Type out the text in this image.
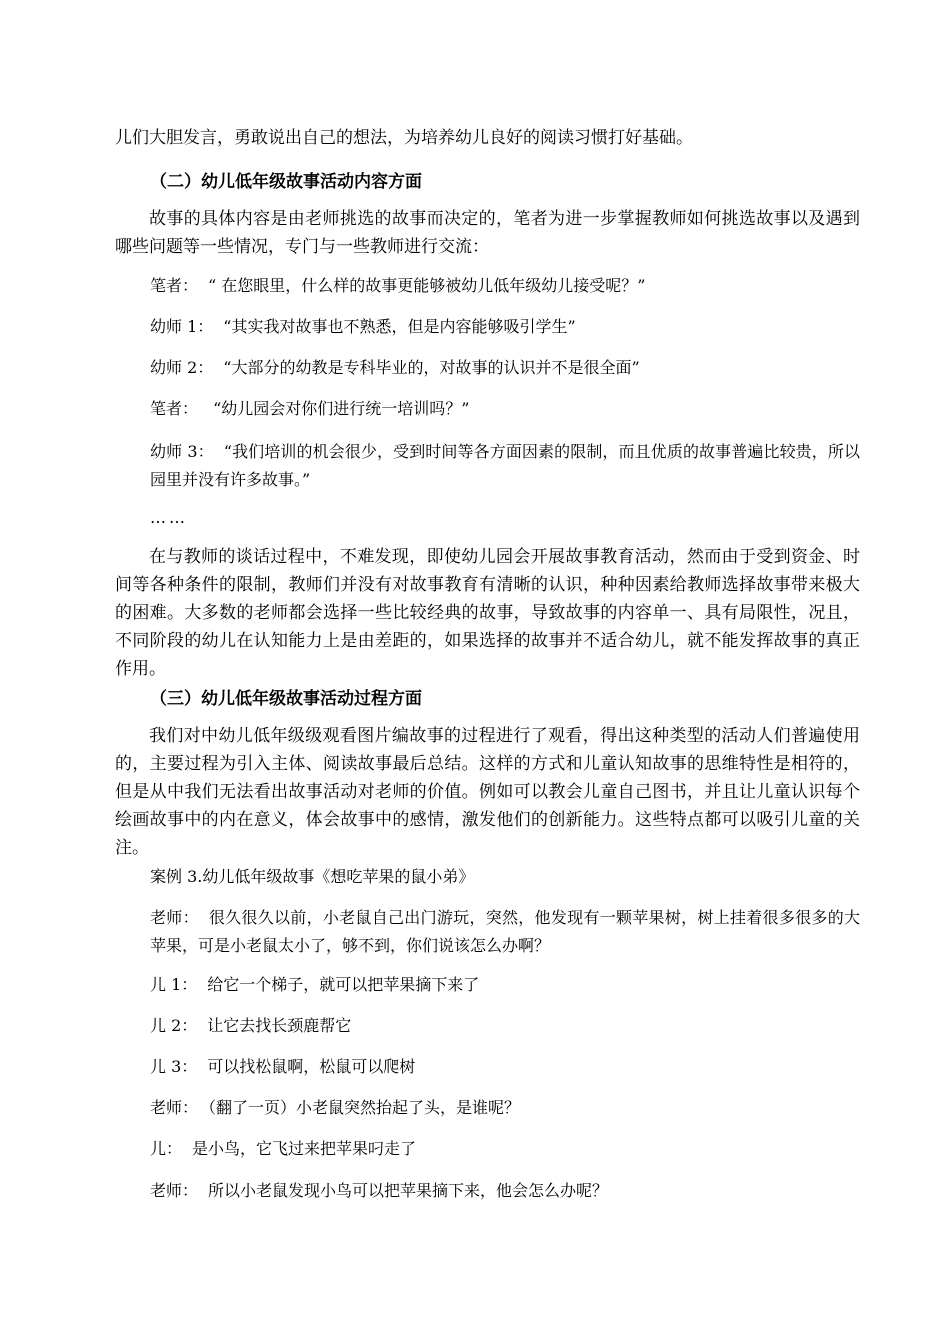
儿们大胆发言，勇敢说出自己的想法，为培养幼儿良好的阅读习惯打好基础。

（二）幼儿低年级故事活动内容方面

故事的具体内容是由老师挑选的故事而决定的，笔者为进一步掌握教师如何挑选故事以及遇到哪些问题等一些情况，专门与一些教师进行交流：

笔者： “ 在您眼里，什么样的故事更能够被幼儿低年级幼儿接受呢？”

幼师 1： “其实我对故事也不熟悉，但是内容能够吸引学生”

幼师 2： “大部分的幼教是专科毕业的，对故事的认识并不是很全面”

笔者： “幼儿园会对你们进行统一培训吗？”

幼师 3： “我们培训的机会很少，受到时间等各方面因素的限制，而且优质的故事普遍比较贵，所以园里并没有许多故事。”

……

在与教师的谈话过程中，不难发现，即使幼儿园会开展故事教育活动，然而由于受到资金、时间等各种条件的限制，教师们并没有对故事教育有清晰的认识，种种因素给教师选择故事带来极大的困难。大多数的老师都会选择一些比较经典的故事，导致故事的内容单一、具有局限性，况且，不同阶段的幼儿在认知能力上是由差距的，如果选择的故事并不适合幼儿，就不能发挥故事的真正作用。

（三）幼儿低年级故事活动过程方面

我们对中幼儿低年级级观看图片编故事的过程进行了观看，得出这种类型的活动人们普遍使用的，主要过程为引入主体、阅读故事最后总结。这样的方式和儿童认知故事的思维特性是相符的，但是从中我们无法看出故事活动对老师的价值。例如可以教会儿童自己图书，并且让儿童认识每个绘画故事中的内在意义，体会故事中的感情，激发他们的创新能力。这些特点都可以吸引儿童的关注。

案例 3.幼儿低年级故事《想吃苹果的鼠小弟》

老师： 很久很久以前，小老鼠自己出门游玩，突然，他发现有一颗苹果树，树上挂着很多很多的大苹果，可是小老鼠太小了，够不到，你们说该怎么办啊？

儿 1： 给它一个梯子，就可以把苹果摘下来了

儿 2： 让它去找长颈鹿帮它

儿 3： 可以找松鼠啊，松鼠可以爬树

老师： （翻了一页）小老鼠突然抬起了头，是谁呢？

儿： 是小鸟，它飞过来把苹果叼走了

老师： 所以小老鼠发现小鸟可以把苹果摘下来，他会怎么办呢？
